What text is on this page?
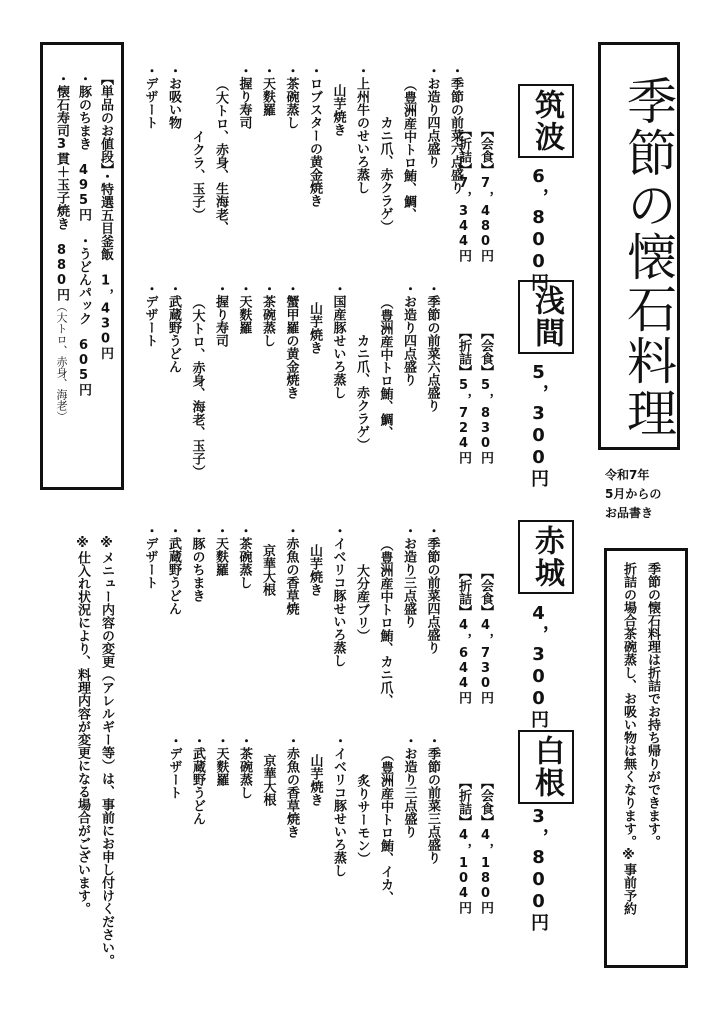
季節の懐石料理
令和7年
5月からの
お品書き
季節の懐石料理は折詰でお持ち帰りができます。
折詰の場合茶碗蒸し、お吸い物は無くなります。※事前予約
筑波
6，800円
【会食】7，480円
【折詰】7，344円
浅間
5，300円
【会食】5，830円
【折詰】5，724円
・季節の前菜六点盛り
・お造り四点盛り
（豊洲産中トロ鮪、鯛、
カニ爪、赤クラゲ）
・上州牛のせいろ蒸し
山芋焼き
・ロブスターの黄金焼き
・茶碗蒸し
・天麩羅
・握り寿司
（大トロ、赤身、生海老、
イクラ、玉子）
・お吸い物
・デザート
・季節の前菜六点盛り
・お造り四点盛り
（豊洲産中トロ鮪、鯛、
カニ爪、赤クラゲ）
・国産豚せいろ蒸し
山芋焼き
・蟹甲羅の黄金焼き
・茶碗蒸し
・天麩羅
・握り寿司
（大トロ、赤身、海老、玉子）
・武蔵野うどん
・デザート
赤城
4，300円
【会食】4，730円
【折詰】4，644円
白根
3，800円
【会食】4，180円
【折詰】4，104円
・季節の前菜四点盛り
・お造り三点盛り
（豊洲産中トロ鮪、カニ爪、
大分産ブリ）
・イベリコ豚せいろ蒸し
山芋焼き
・赤魚の香草焼
京華大根
・茶碗蒸し
・天麩羅
・豚のちまき
・武蔵野うどん
・デザート
・季節の前菜三点盛り
・お造り三点盛り
（豊洲産中トロ鮪、イカ、
炙りサーモン）
・イベリコ豚せいろ蒸し
山芋焼き
・赤魚の香草焼き
京華大根
・茶碗蒸し
・天麩羅
・武蔵野うどん
・デザート
【単品のお値段】・特選五目釜飯　1，430円
・豚のちまき　495円　・うどんパック　605円
・懐石寿司3貫＋玉子焼き　880円（大トロ、赤身、海老）
※メニュー内容の変更（アレルギー等）は、事前にお申し付けください。
※仕入れ状況により、料理内容が変更になる場合がございます。
